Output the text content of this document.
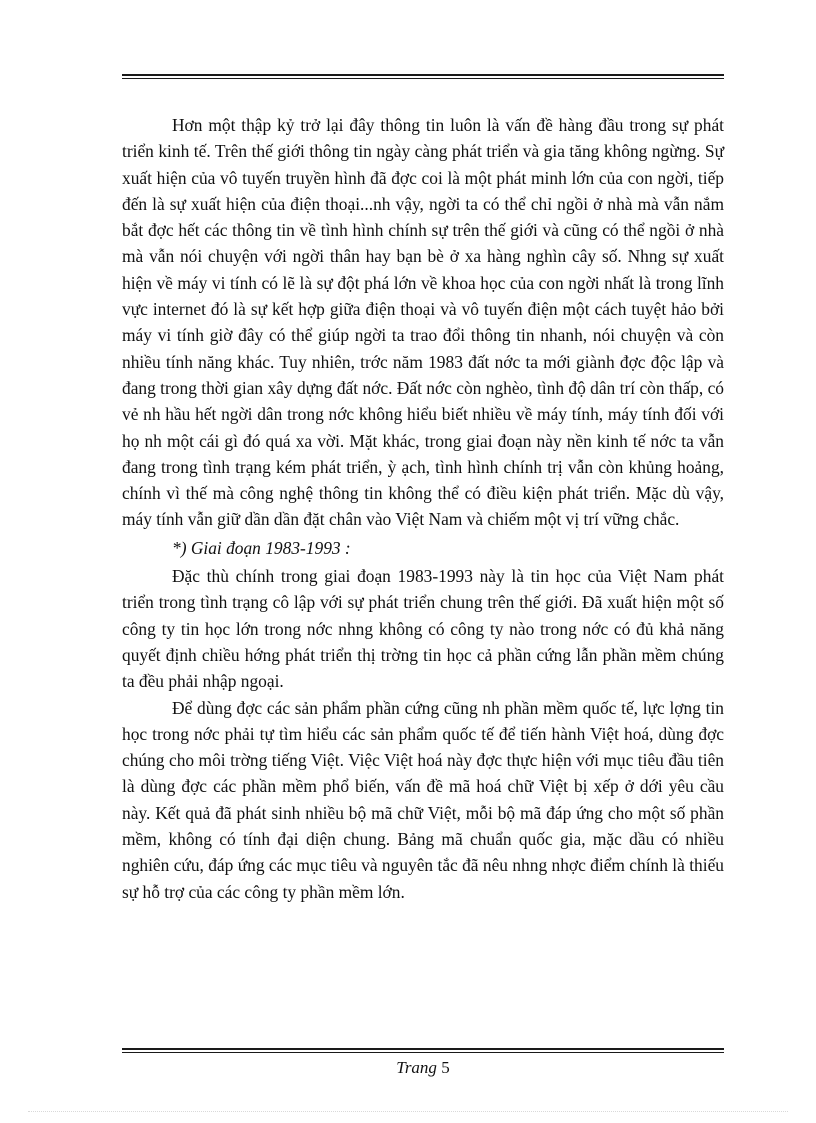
Hơn một thập kỷ trở lại đây thông tin luôn là vấn đề hàng đầu trong sự phát triển kinh tế. Trên thế giới thông tin ngày càng phát triển và gia tăng không ngừng. Sự xuất hiện của vô tuyến truyền hình đã đợc coi là một phát minh lớn của con ngời, tiếp đến là sự xuất hiện của điện thoại...nh vậy, ngời ta có thể chỉ ngồi ở nhà mà vẫn nắm bắt đợc hết các thông tin về tình hình chính sự trên thế giới và cũng có thể ngồi ở nhà mà vẫn nói chuyện với ngời thân hay bạn bè ở xa hàng nghìn cây số. Nhng sự xuất hiện về máy vi tính có lẽ là sự đột phá lớn về khoa học của con ngời nhất là trong lĩnh vực internet đó là sự kết hợp giữa điện thoại và vô tuyến điện một cách tuyệt hảo bởi máy vi tính giờ đây có thể giúp ngời ta trao đổi thông tin nhanh, nói chuyện và còn nhiều tính năng khác. Tuy nhiên, trớc năm 1983 đất nớc ta mới giành đợc độc lập và đang trong thời gian xây dựng đất nớc. Đất nớc còn nghèo, tình độ dân trí còn thấp, có vẻ nh hầu hết ngời dân trong nớc không hiểu biết nhiều về máy tính, máy tính đối với họ nh một cái gì đó quá xa vời. Mặt khác, trong giai đoạn này nền kinh tế nớc ta vẫn đang trong tình trạng kém phát triển, ỳ ạch, tình hình chính trị vẫn còn khủng hoảng, chính vì thế mà công nghệ thông tin không thể có điều kiện phát triển. Mặc dù vậy, máy tính vẫn giữ dần dần đặt chân vào Việt Nam và chiếm một vị trí vững chắc.

*) Giai đoạn 1983-1993 :

Đặc thù chính trong giai đoạn 1983-1993 này là tin học của Việt Nam phát triển trong tình trạng cô lập với sự phát triển chung trên thế giới. Đã xuất hiện một số công ty tin học lớn trong nớc nhng không có công ty nào trong nớc có đủ khả năng quyết định chiều hớng phát triển thị trờng tin học cả phần cứng lẫn phần mềm chúng ta đều phải nhập ngoại.

Để dùng đợc các sản phẩm phần cứng cũng nh phần mềm quốc tế, lực lợng tin học trong nớc phải tự tìm hiểu các sản phẩm quốc tế để tiến hành Việt hoá, dùng đợc chúng cho môi trờng tiếng Việt. Việc Việt hoá này đợc thực hiện với mục tiêu đầu tiên là dùng đợc các phần mềm phổ biến, vấn đề mã hoá chữ Việt bị xếp ở dới yêu cầu này. Kết quả đã phát sinh nhiều bộ mã chữ Việt, mỗi bộ mã đáp ứng cho một số phần mềm, không có tính đại diện chung. Bảng mã chuẩn quốc gia, mặc dầu có nhiều nghiên cứu, đáp ứng các mục tiêu và nguyên tắc đã nêu nhng nhợc điểm chính là thiếu sự hỗ trợ của các công ty phần mềm lớn.

Trang 5
